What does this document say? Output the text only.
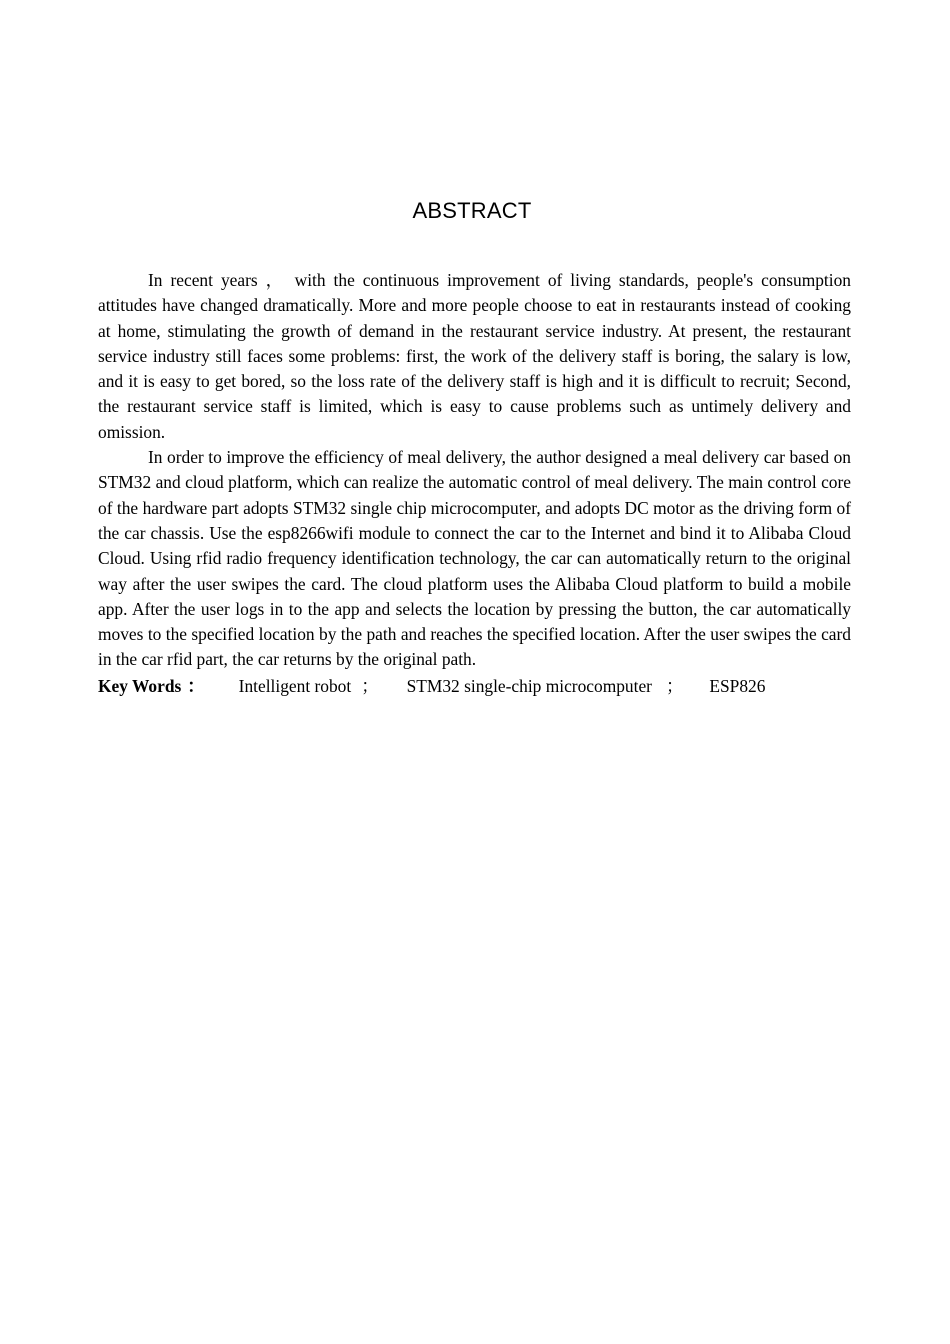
ABSTRACT

In recent years ， with the continuous improvement of living standards, people's consumption attitudes have changed dramatically. More and more people choose to eat in restaurants instead of cooking at home, stimulating the growth of demand in the restaurant service industry. At present, the restaurant service industry still faces some problems: first, the work of the delivery staff is boring, the salary is low, and it is easy to get bored, so the loss rate of the delivery staff is high and it is difficult to recruit; Second, the restaurant service staff is limited, which is easy to cause problems such as untimely delivery and omission.

In order to improve the efficiency of meal delivery, the author designed a meal delivery car based on STM32 and cloud platform, which can realize the automatic control of meal delivery. The main control core of the hardware part adopts STM32 single chip microcomputer, and adopts DC motor as the driving form of the car chassis. Use the esp8266wifi module to connect the car to the Internet and bind it to Alibaba Cloud Cloud. Using rfid radio frequency identification technology, the car can automatically return to the original way after the user swipes the card. The cloud platform uses the Alibaba Cloud platform to build a mobile app. After the user logs in to the app and selects the location by pressing the button, the car automatically moves to the specified location by the path and reaches the specified location. After the user swipes the card in the car rfid part, the car returns by the original path.

Key Words ： Intelligent robot ； STM32 single-chip microcomputer ； ESP826
